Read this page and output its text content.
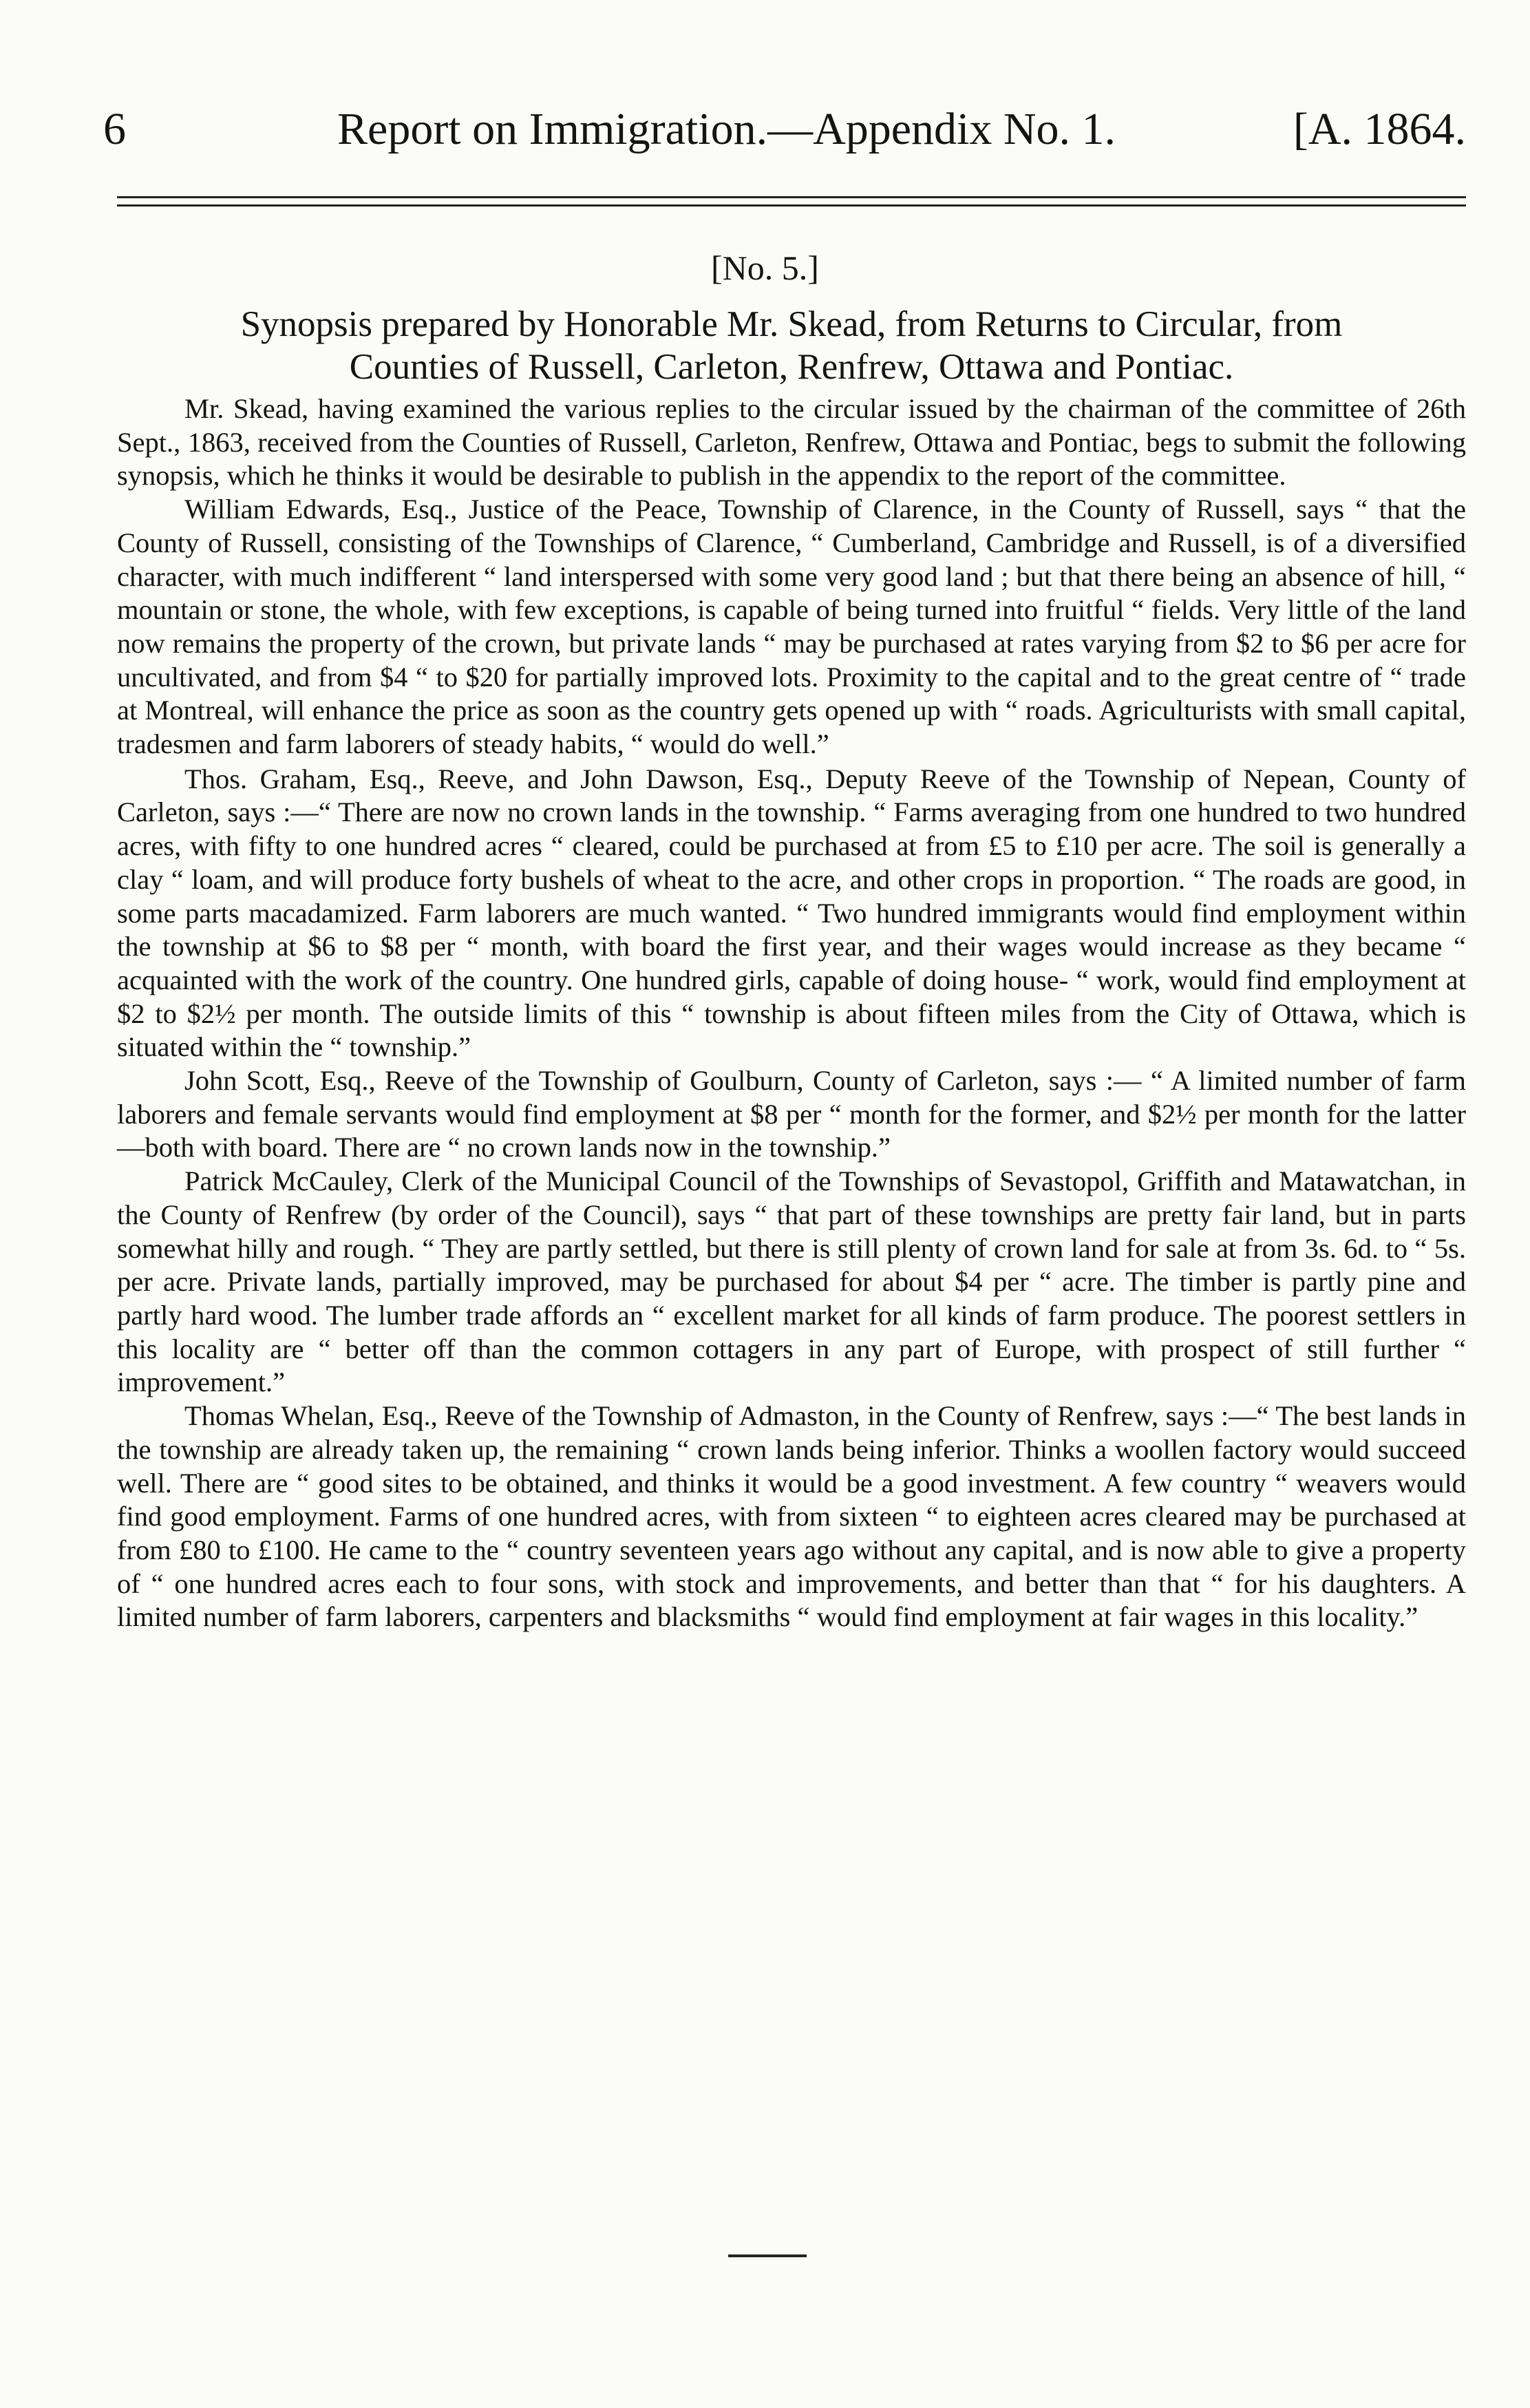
6	Report on Immigration.—Appendix No. 1.	[A. 1864.
[No. 5.]
Synopsis prepared by Honorable Mr. Skead, from Returns to Circular, from
Counties of Russell, Carleton, Renfrew, Ottawa and Pontiac.

Mr. Skead, having examined the various replies to the circular issued by the chairman of the committee of 26th Sept., 1863, received from the Counties of Russell, Carleton, Renfrew, Ottawa and Pontiac, begs to submit the following synopsis, which he thinks it would be desirable to publish in the appendix to the report of the committee.

William Edwards, Esq., Justice of the Peace, Township of Clarence, in the County of Russell, says “ that the County of Russell, consisting of the Townships of Clarence, “ Cumberland, Cambridge and Russell, is of a diversified character, with much indifferent “ land interspersed with some very good land ; but that there being an absence of hill, “ mountain or stone, the whole, with few exceptions, is capable of being turned into fruitful “ fields. Very little of the land now remains the property of the crown, but private lands “ may be purchased at rates varying from $2 to $6 per acre for uncultivated, and from $4 “ to $20 for partially improved lots. Proximity to the capital and to the great centre of “ trade at Montreal, will enhance the price as soon as the country gets opened up with “ roads. Agriculturists with small capital, tradesmen and farm laborers of steady habits, “ would do well.”

Thos. Graham, Esq., Reeve, and John Dawson, Esq., Deputy Reeve of the Township of Nepean, County of Carleton, says :—“ There are now no crown lands in the township. “ Farms averaging from one hundred to two hundred acres, with fifty to one hundred acres “ cleared, could be purchased at from £5 to £10 per acre. The soil is generally a clay “ loam, and will produce forty bushels of wheat to the acre, and other crops in proportion. “ The roads are good, in some parts macadamized. Farm laborers are much wanted. “ Two hundred immigrants would find employment within the township at $6 to $8 per “ month, with board the first year, and their wages would increase as they became “ acquainted with the work of the country. One hundred girls, capable of doing house- “ work, would find employment at $2 to $2½ per month. The outside limits of this “ township is about fifteen miles from the City of Ottawa, which is situated within the “ township.”

John Scott, Esq., Reeve of the Township of Goulburn, County of Carleton, says :— “ A limited number of farm laborers and female servants would find employment at $8 per “ month for the former, and $2½ per month for the latter—both with board. There are “ no crown lands now in the township.”

Patrick McCauley, Clerk of the Municipal Council of the Townships of Sevastopol, Griffith and Matawatchan, in the County of Renfrew (by order of the Council), says “ that part of these townships are pretty fair land, but in parts somewhat hilly and rough. “ They are partly settled, but there is still plenty of crown land for sale at from 3s. 6d. to “ 5s. per acre. Private lands, partially improved, may be purchased for about $4 per “ acre. The timber is partly pine and partly hard wood. The lumber trade affords an “ excellent market for all kinds of farm produce. The poorest settlers in this locality are “ better off than the common cottagers in any part of Europe, with prospect of still further “ improvement.”

Thomas Whelan, Esq., Reeve of the Township of Admaston, in the County of Renfrew, says :—“ The best lands in the township are already taken up, the remaining “ crown lands being inferior. Thinks a woollen factory would succeed well. There are “ good sites to be obtained, and thinks it would be a good investment. A few country “ weavers would find good employment. Farms of one hundred acres, with from sixteen “ to eighteen acres cleared may be purchased at from £80 to £100. He came to the “ country seventeen years ago without any capital, and is now able to give a property of “ one hundred acres each to four sons, with stock and improvements, and better than that “ for his daughters. A limited number of farm laborers, carpenters and blacksmiths “ would find employment at fair wages in this locality.”
